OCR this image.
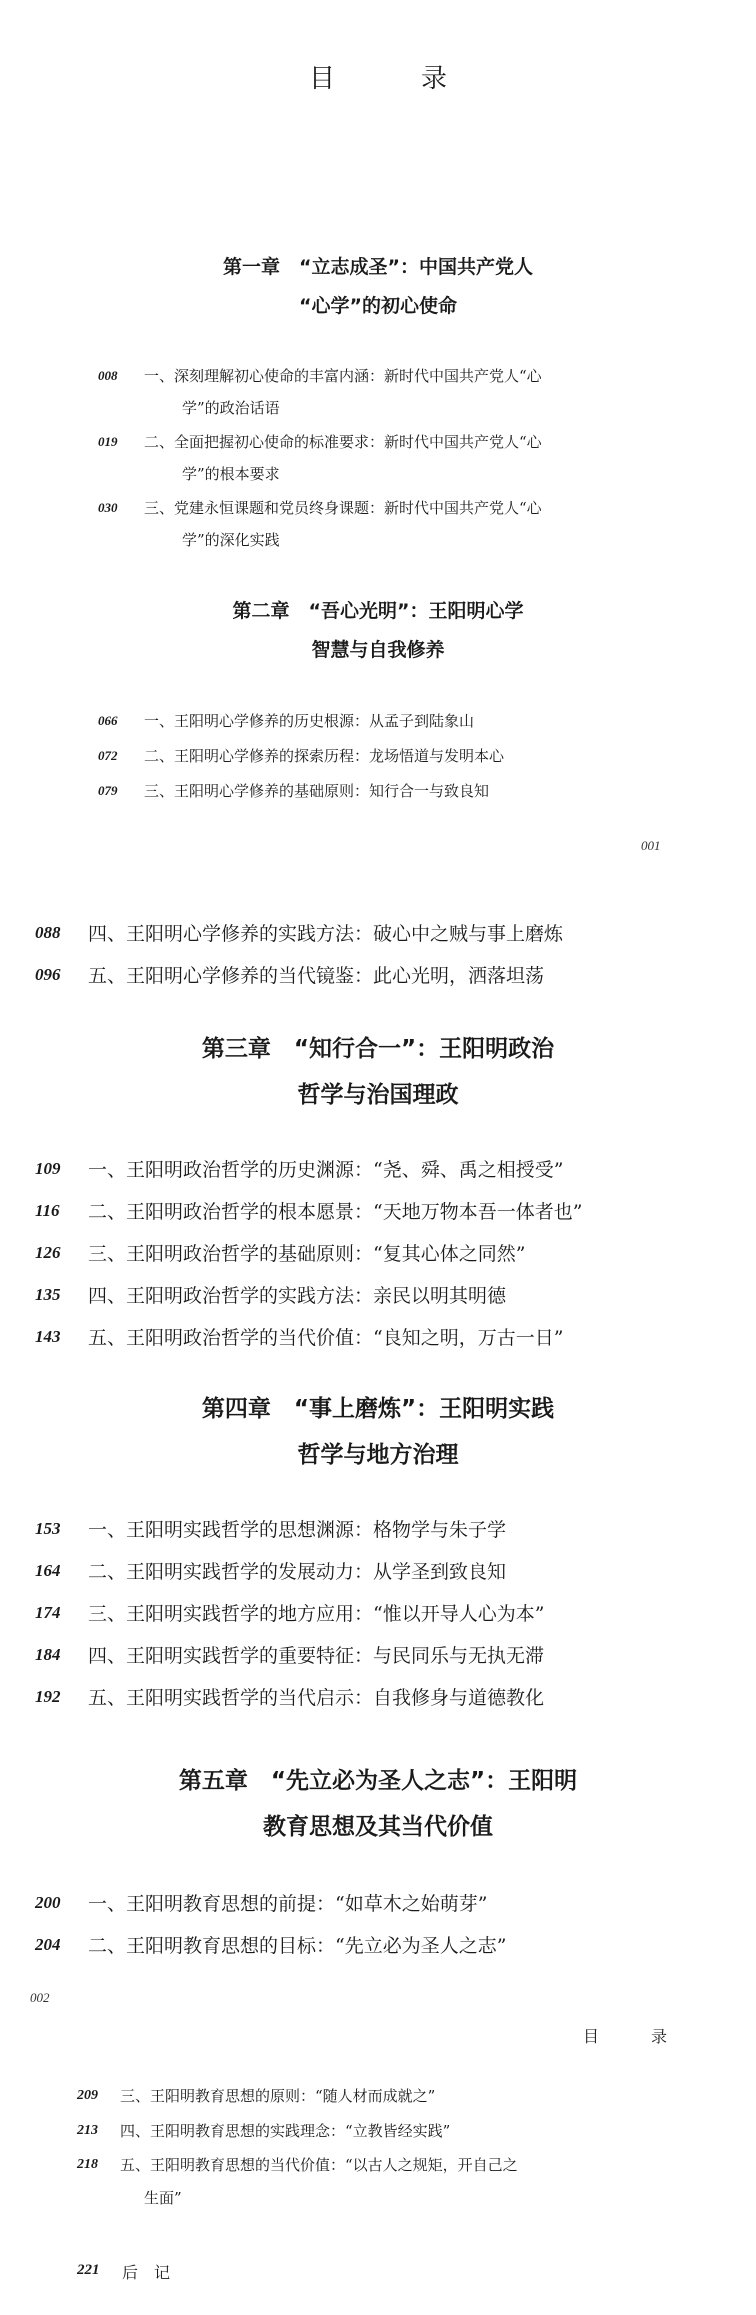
目　录
第一章　“立志成圣”：中国共产党人
“心学”的初心使命
008 一、深刻理解初心使命的丰富内涵：新时代中国共产党人“心
学”的政治话语
019 二、全面把握初心使命的标准要求：新时代中国共产党人“心
学”的根本要求
030 三、党建永恒课题和党员终身课题：新时代中国共产党人“心
学”的深化实践
第二章　“吾心光明”：王阳明心学
智慧与自我修养
066 一、王阳明心学修养的历史根源：从孟子到陆象山
072 二、王阳明心学修养的探索历程：龙场悟道与发明本心
079 三、王阳明心学修养的基础原则：知行合一与致良知
001
088 四、王阳明心学修养的实践方法：破心中之贼与事上磨炼
096 五、王阳明心学修养的当代镜鉴：此心光明，洒落坦荡
第三章　“知行合一”：王阳明政治
哲学与治国理政
109 一、王阳明政治哲学的历史渊源：“尧、舜、禹之相授受”
116 二、王阳明政治哲学的根本愿景：“天地万物本吾一体者也”
126 三、王阳明政治哲学的基础原则：“复其心体之同然”
135 四、王阳明政治哲学的实践方法：亲民以明其明德
143 五、王阳明政治哲学的当代价值：“良知之明，万古一日”
第四章　“事上磨炼”：王阳明实践
哲学与地方治理
153 一、王阳明实践哲学的思想渊源：格物学与朱子学
164 二、王阳明实践哲学的发展动力：从学圣到致良知
174 三、王阳明实践哲学的地方应用：“惟以开导人心为本”
184 四、王阳明实践哲学的重要特征：与民同乐与无执无滞
192 五、王阳明实践哲学的当代启示：自我修身与道德教化
第五章　“先立必为圣人之志”：王阳明
教育思想及其当代价值
200 一、王阳明教育思想的前提：“如草木之始萌芽”
204 二、王阳明教育思想的目标：“先立必为圣人之志”
002
目　录
209 三、王阳明教育思想的原则：“随人材而成就之”
213 四、王阳明教育思想的实践理念：“立教皆经实践”
218 五、王阳明教育思想的当代价值：“以古人之规矩，开自己之
生面”
221 后　记
